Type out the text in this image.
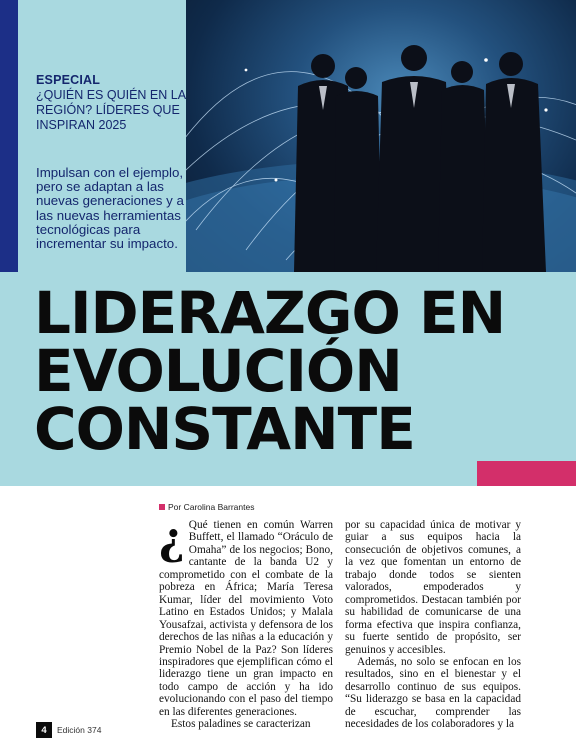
ESPECIAL
¿QUIÉN ES QUIÉN EN LA REGIÓN? LÍDERES QUE INSPIRAN 2025
Impulsan con el ejemplo, pero se adaptan a las nuevas generaciones y a las nuevas herramientas tecnológicas para incrementar su impacto.
LIDERAZGO EN
EVOLUCIÓN
CONSTANTE
Por Carolina Barrantes

¿ Qué tienen en común Warren Buffett, el llamado “Oráculo de Omaha” de los negocios; Bono, cantante de la banda U2 y comprometido con el combate de la pobreza en África; María Teresa Kumar, líder del movimiento Voto Latino en Estados Unidos; y Malala Yousafzai, activista y defensora de los derechos de las niñas a la educación y Premio Nobel de la Paz? Son líderes inspiradores que ejemplifican cómo el liderazgo tiene un gran impacto en todo campo de acción y ha ido evolucionando con el paso del tiempo en las diferentes generaciones.

Estos paladines se caracterizan

por su capacidad única de motivar y guiar a sus equipos hacia la consecución de objetivos comunes, a la vez que fomentan un entorno de trabajo donde todos se sienten valorados, empoderados y comprometidos. Destacan también por su habilidad de comunicarse de una forma efectiva que inspira confianza, su fuerte sentido de propósito, ser genuinos y accesibles.

Además, no solo se enfocan en los resultados, sino en el bienestar y el desarrollo continuo de sus equipos. “Su liderazgo se basa en la capacidad de escuchar, comprender las necesidades de los colaboradores y la

4	Edición 374
